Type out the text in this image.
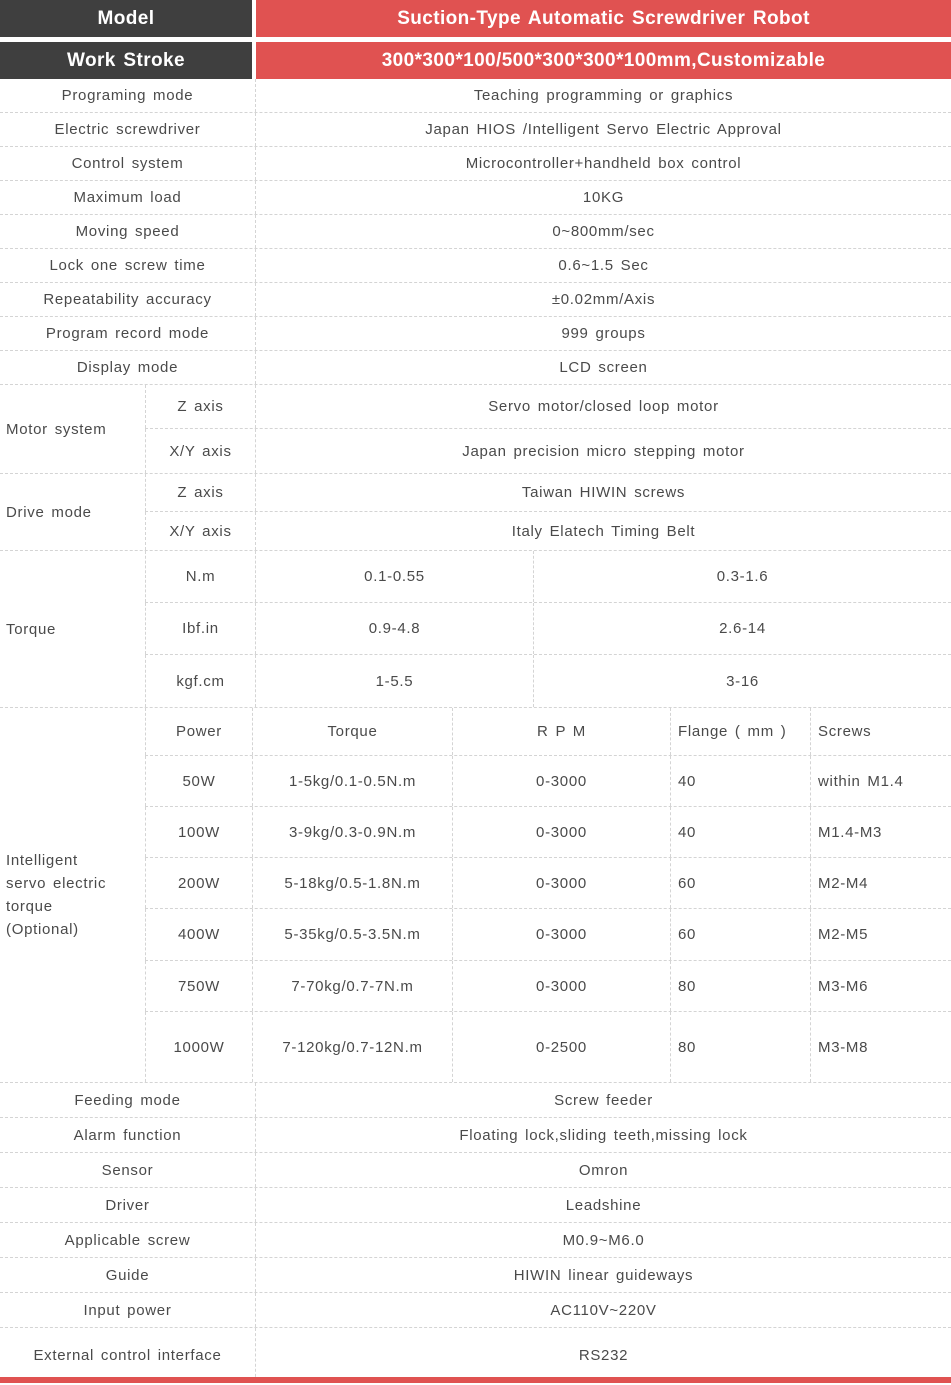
Model	Suction-Type Automatic Screwdriver Robot
Work Stroke	300*300*100/500*300*300*100mm,Customizable
Programing mode	Teaching programming or graphics
Electric screwdriver	Japan HIOS /Intelligent Servo Electric Approval
Control system	Microcontroller+handheld box control
Maximum load	10KG
Moving speed	0~800mm/sec
Lock one screw time	0.6~1.5 Sec
Repeatability accuracy	±0.02mm/Axis
Program record mode	999 groups
Display mode	LCD screen
Motor system
Z axis	Servo motor/closed loop motor
X/Y axis	Japan precision micro stepping motor
Drive mode
Z axis	Taiwan HIWIN screws
X/Y axis	Italy Elatech Timing Belt
Torque
N.m	0.1-0.55	0.3-1.6
Ibf.in	0.9-4.8	2.6-14
kgf.cm	1-5.5	3-16
Intelligent servo electric torque (Optional)
Power	Torque	R P M	Flange ( mm )	Screws
50W	1-5kg/0.1-0.5N.m	0-3000	40	within M1.4
100W	3-9kg/0.3-0.9N.m	0-3000	40	M1.4-M3
200W	5-18kg/0.5-1.8N.m	0-3000	60	M2-M4
400W	5-35kg/0.5-3.5N.m	0-3000	60	M2-M5
750W	7-70kg/0.7-7N.m	0-3000	80	M3-M6
1000W	7-120kg/0.7-12N.m	0-2500	80	M3-M8
Feeding mode	Screw feeder
Alarm function	Floating lock,sliding teeth,missing lock
Sensor	Omron
Driver	Leadshine
Applicable screw	M0.9~M6.0
Guide	HIWIN linear guideways
Input power	AC110V~220V
External control interface	RS232
